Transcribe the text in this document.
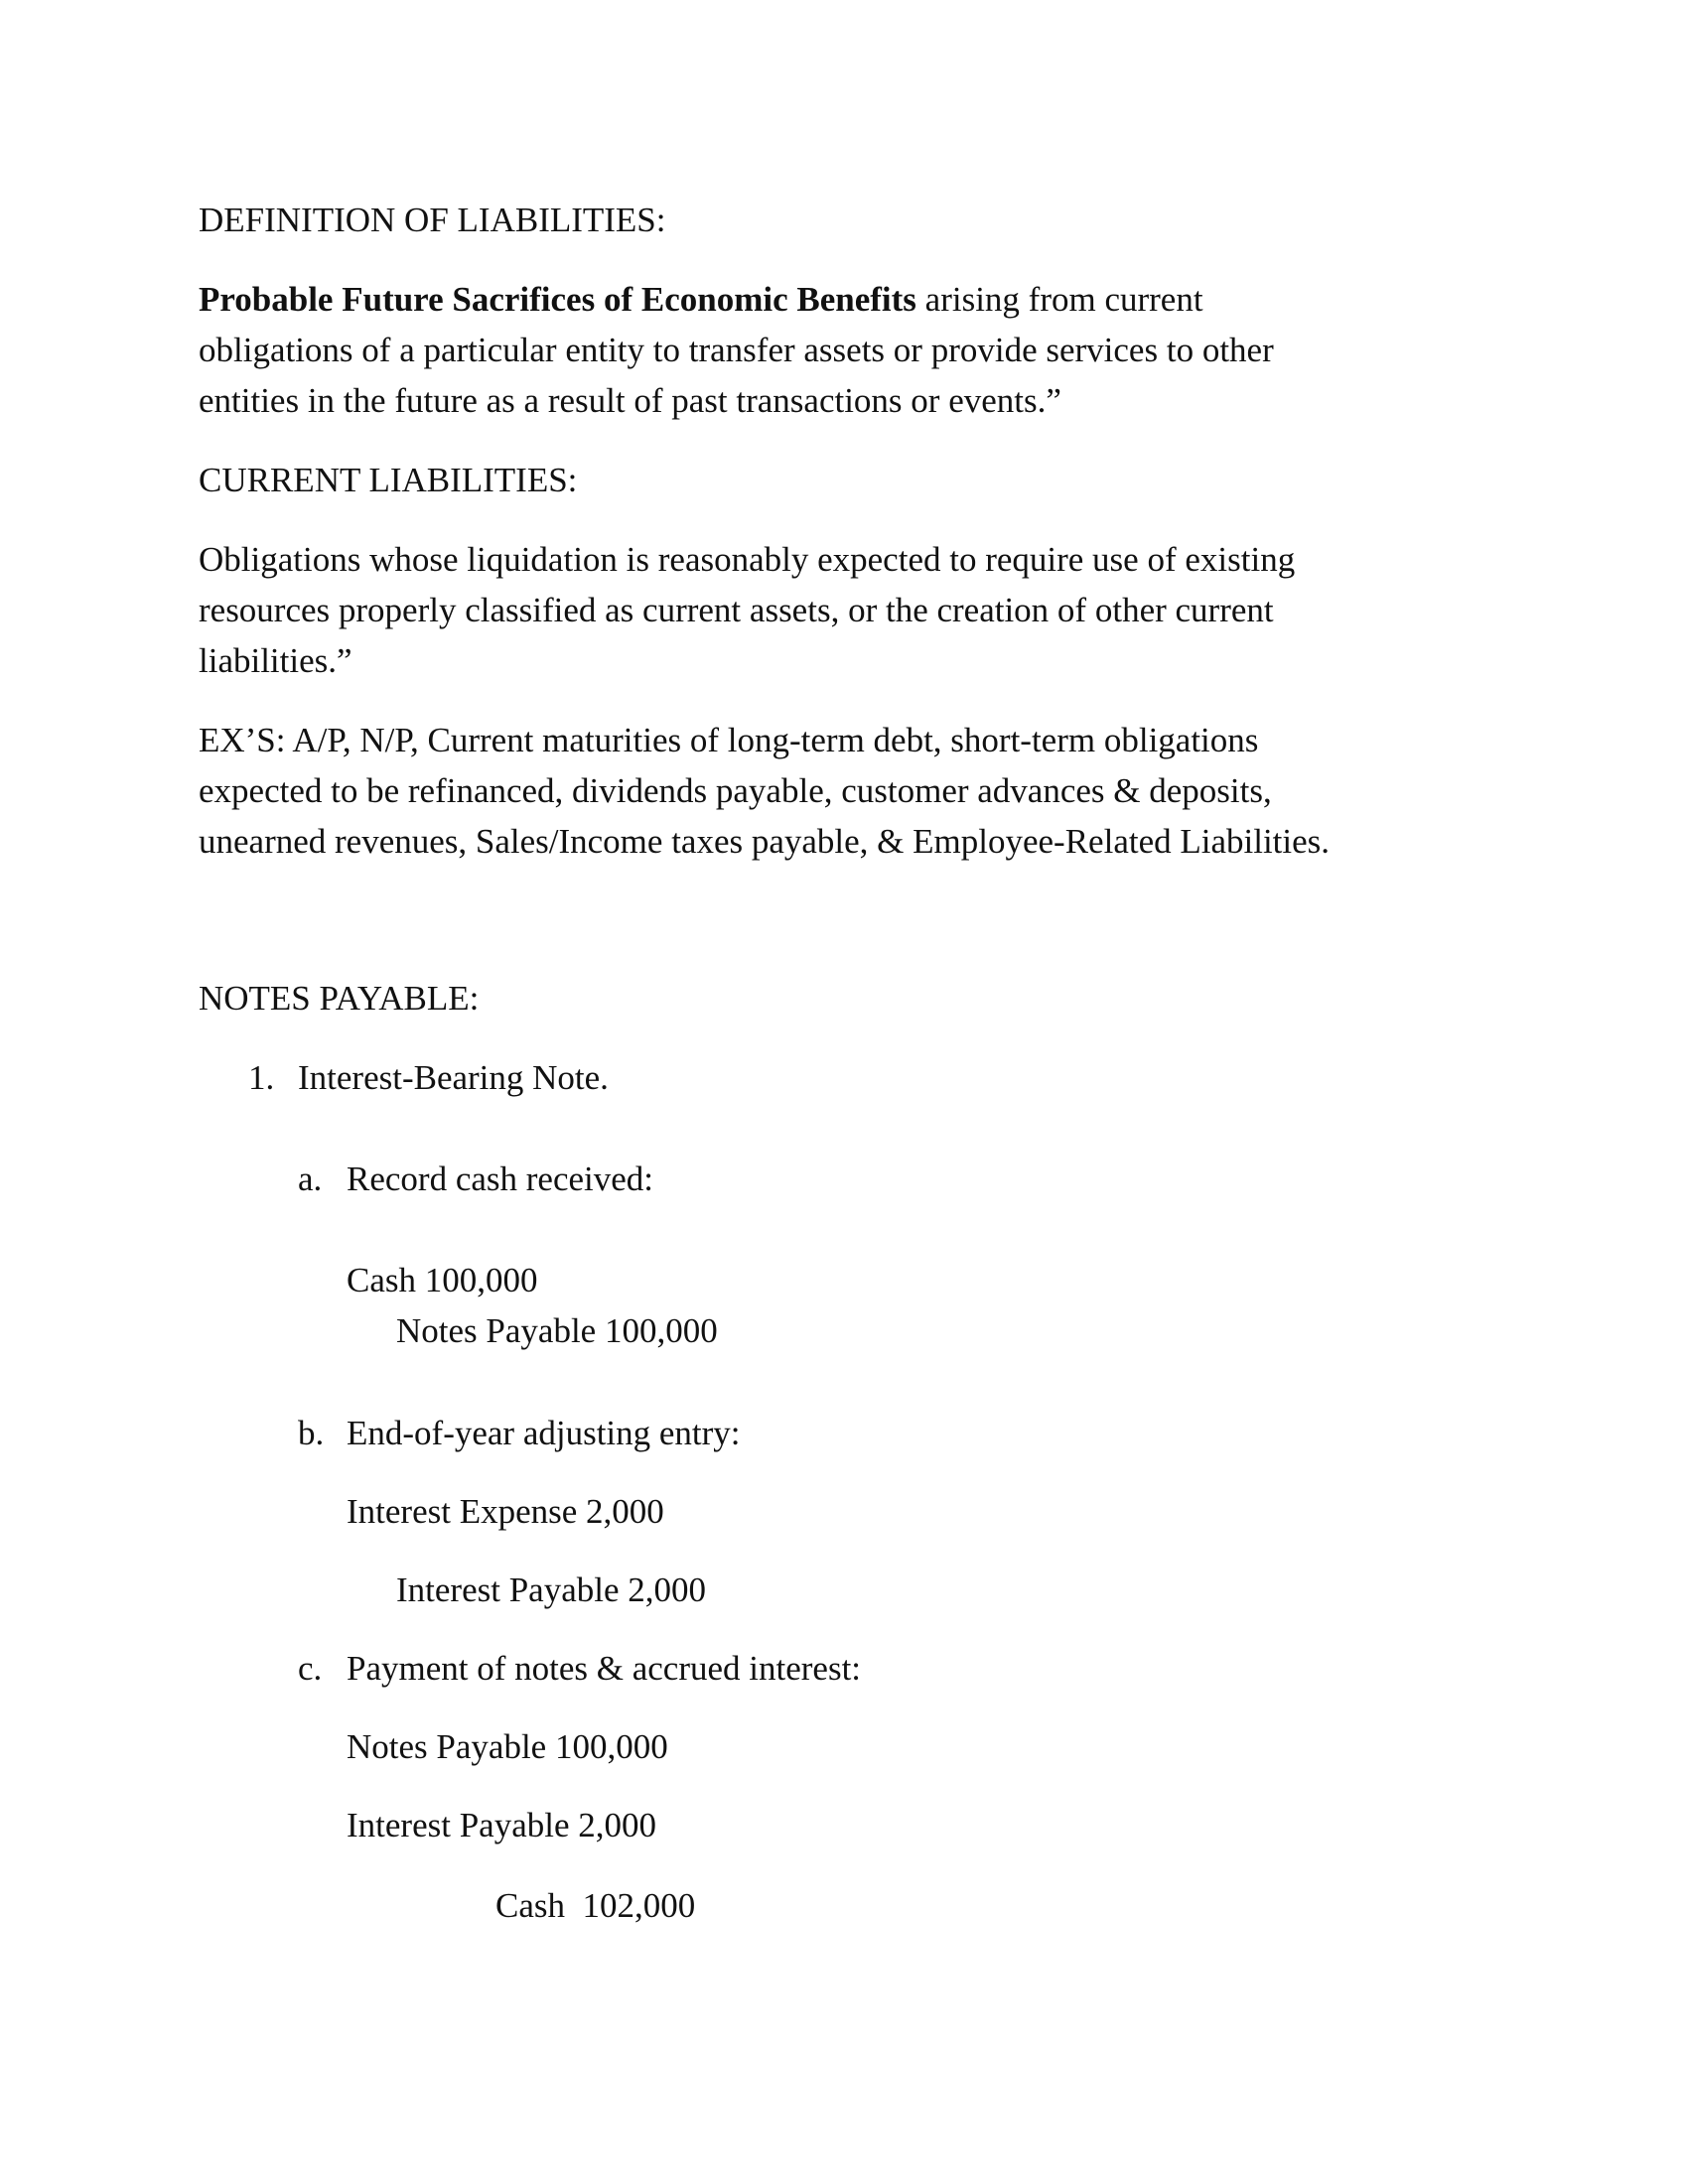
DEFINITION OF LIABILITIES:

Probable Future Sacrifices of Economic Benefits arising from current

obligations of a particular entity to transfer assets or provide services to other

entities in the future as a result of past transactions or events.”

CURRENT LIABILITIES:

Obligations whose liquidation is reasonably expected to require use of existing

resources properly classified as current assets, or the creation of other current

liabilities.”

EX’S: A/P, N/P, Current maturities of long-term debt, short-term obligations

expected to be refinanced, dividends payable, customer advances & deposits,

unearned revenues, Sales/Income taxes payable, & Employee-Related Liabilities.

NOTES PAYABLE:

1. Interest-Bearing Note.

a. Record cash received:

Cash 100,000

Notes Payable 100,000

b. End-of-year adjusting entry:

Interest Expense 2,000

Interest Payable 2,000

c. Payment of notes & accrued interest:

Notes Payable 100,000

Interest Payable 2,000

Cash  102,000
